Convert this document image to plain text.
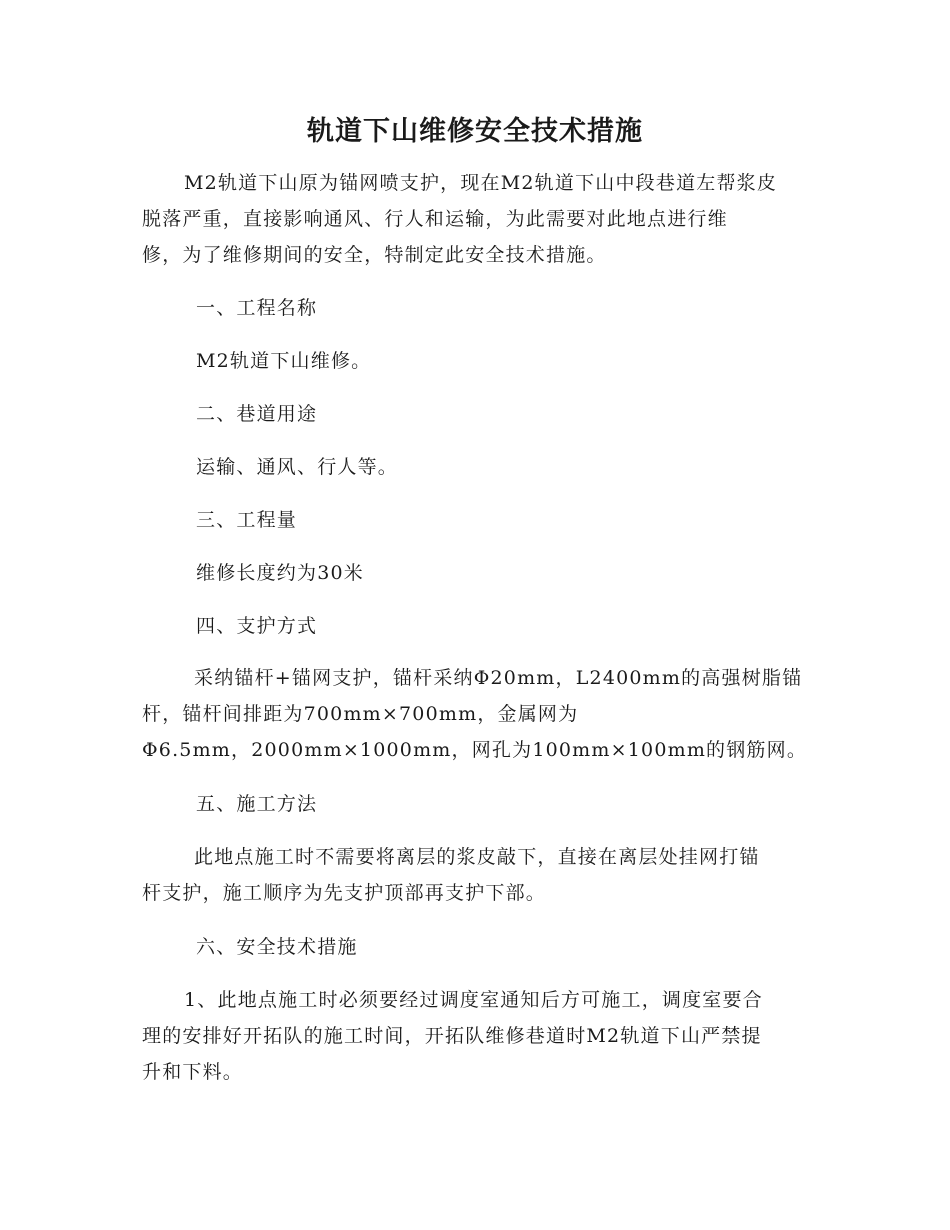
轨道下山维修安全技术措施
M2轨道下山原为锚网喷支护，现在M2轨道下山中段巷道左帮浆皮
脱落严重，直接影响通风、行人和运输，为此需要对此地点进行维
修，为了维修期间的安全，特制定此安全技术措施。
一、工程名称
M2轨道下山维修。
二、巷道用途
运输、通风、行人等。
三、工程量
维修长度约为30米
四、支护方式
采纳锚杆+锚网支护，锚杆采纳Φ20mm，L2400mm的高强树脂锚
杆，锚杆间排距为700mm×700mm，金属网为
Φ6.5mm，2000mm×1000mm，网孔为100mm×100mm的钢筋网。
五、施工方法
此地点施工时不需要将离层的浆皮敲下，直接在离层处挂网打锚
杆支护，施工顺序为先支护顶部再支护下部。
六、安全技术措施
1、此地点施工时必须要经过调度室通知后方可施工，调度室要合
理的安排好开拓队的施工时间，开拓队维修巷道时M2轨道下山严禁提
升和下料。
